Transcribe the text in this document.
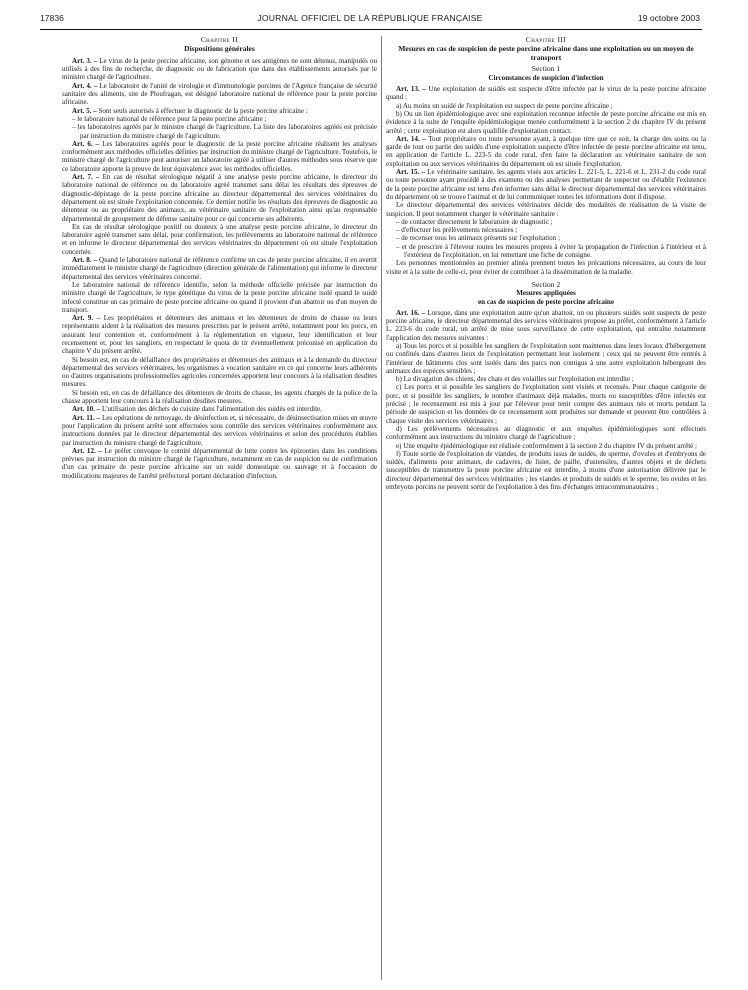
17836	JOURNAL OFFICIEL DE LA RÉPUBLIQUE FRANÇAISE	19 octobre 2003

Chapitre II

Dispositions générales

Art. 3. – Le virus de la peste porcine africaine, son génome et ses antigènes ne sont détenus, manipulés ou utilisés à des fins de recherche, de diagnostic ou de fabrication que dans des établissements autorisés par le ministre chargé de l'agriculture.

Art. 4. – Le laboratoire de l'unité de virologie et d'immunologie porcines de l'Agence française de sécurité sanitaire des aliments, site de Ploufragan, est désigné laboratoire national de référence pour la peste porcine africaine.

Art. 5. – Sont seuls autorisés à effectuer le diagnostic de la peste porcine africaine :

– le laboratoire national de référence pour la peste porcine africaine ;

– les laboratoires agréés par le ministre chargé de l'agriculture. La liste des laboratoires agréés est précisée par instruction du ministre chargé de l'agriculture.

Art. 6. – Les laboratoires agréés pour le diagnostic de la peste porcine africaine réalisent les analyses conformément aux méthodes officielles définies par instruction du ministre chargé de l'agriculture. Toutefois, le ministre chargé de l'agriculture peut autoriser un laboratoire agréé à utiliser d'autres méthodes sous réserve que ce laboratoire apporte la preuve de leur équivalence avec les méthodes officielles.

Art. 7. – En cas de résultat sérologique négatif à une analyse peste porcine africaine, le directeur du laboratoire national de référence ou du laboratoire agréé transmet sans délai les résultats des épreuves de diagnostic-dépistage de la peste porcine africaine au directeur départemental des services vétérinaires du département où est située l'exploitation concernée. Ce dernier notifie les résultats des épreuves de diagnostic au détenteur ou au propriétaire des animaux, au vétérinaire sanitaire de l'exploitation ainsi qu'au responsable départemental de groupement de défense sanitaire pour ce qui concerne ses adhérents.

En cas de résultat sérologique positif ou douteux à une analyse peste porcine africaine, le directeur du laboratoire agréé transmet sans délai, pour confirmation, les prélèvements au laboratoire national de référence et en informe le directeur départemental des services vétérinaires du département où est située l'exploitation concernée.

Art. 8. – Quand le laboratoire national de référence confirme un cas de peste porcine africaine, il en avertit immédiatement le ministre chargé de l'agriculture (direction générale de l'alimentation) qui informe le directeur départemental des services vétérinaires concerné.

Le laboratoire national de référence identifie, selon la méthode officielle précisée par instruction du ministre chargé de l'agriculture, le type génétique du virus de la peste porcine africaine isolé quand le suidé infecté constitue un cas primaire de peste porcine africaine ou quand il provient d'un abattoir ou d'un moyen de transport.

Art. 9. – Les propriétaires et détenteurs des animaux et les détenteurs de droits de chasse ou leurs représentants aident à la réalisation des mesures prescrites par le présent arrêté, notamment pour les porcs, en assurant leur contention et, conformément à la réglementation en vigueur, leur identification et leur recensement et, pour les sangliers, en respectant le quota de tir éventuellement préconisé en application du chapitre V du présent arrêté.

Si besoin est, en cas de défaillance des propriétaires et détenteurs des animaux et à la demande du directeur départemental des services vétérinaires, les organismes à vocation sanitaire en ce qui concerne leurs adhérents ou d'autres organisations professionnelles agricoles concernées apportent leur concours à la réalisation desdites mesures.

Si besoin est, en cas de défaillance des détenteurs de droits de chasse, les agents chargés de la police de la chasse apportent leur concours à la réalisation desdites mesures.

Art. 10. – L'utilisation des déchets de cuisine dans l'alimentation des suidés est interdite.

Art. 11. – Les opérations de nettoyage, de désinfection et, si nécessaire, de désinsectisation mises en œuvre pour l'application du présent arrêté sont effectuées sous contrôle des services vétérinaires conformément aux instructions données par le directeur départemental des services vétérinaires et selon des procédures établies par instruction du ministre chargé de l'agriculture.

Art. 12. – Le préfet convoque le comité départemental de lutte contre les épizooties dans les conditions prévues par instruction du ministre chargé de l'agriculture, notamment en cas de suspicion ou de confirmation d'un cas primaire de peste porcine africaine sur un suidé domestique ou sauvage et à l'occasion de modifications majeures de l'arrêté préfectoral portant déclaration d'infection.

Chapitre III

Mesures en cas de suspicion de peste porcine africaine dans une exploitation ou un moyen de transport

Section 1

Circonstances de suspicion d'infection

Art. 13. – Une exploitation de suidés est suspecte d'être infectée par le virus de la peste porcine africaine quand :

a) Au moins un suidé de l'exploitation est suspect de peste porcine africaine ;

b) Ou un lien épidémiologique avec une exploitation reconnue infectée de peste porcine africaine est mis en évidence à la suite de l'enquête épidémiologique menée conformément à la section 2 du chapitre IV du présent arrêté ; cette exploitation est alors qualifiée d'exploitation contact.

Art. 14. – Tout propriétaire ou toute personne ayant, à quelque titre que ce soit, la charge des soins ou la garde de tout ou partie des suidés d'une exploitation suspecte d'être infectée de peste porcine africaine est tenu, en application de l'article L. 223-5 du code rural, d'en faire la déclaration au vétérinaire sanitaire de son exploitation ou aux services vétérinaires du département où est située l'exploitation.

Art. 15. – Le vétérinaire sanitaire, les agents visés aux articles L. 221-5, L. 221-6 et L. 231-2 du code rural ou toute personne ayant procédé à des examens ou des analyses permettant de suspecter ou d'établir l'existence de la peste porcine africaine est tenu d'en informer sans délai le directeur départemental des services vétérinaires du département où se trouve l'animal et de lui communiquer toutes les informations dont il dispose.

Le directeur départemental des services vétérinaires décide des modalités de réalisation de la visite de suspicion. Il peut notamment charger le vétérinaire sanitaire :

– de contacter directement le laboratoire de diagnostic ;

– d'effectuer les prélèvements nécessaires ;

– de recenser tous les animaux présents sur l'exploitation ;

– et de prescrire à l'éleveur toutes les mesures propres à éviter la propagation de l'infection à l'intérieur et à l'extérieur de l'exploitation, en lui remettant une fiche de consigne.

Les personnes mentionnées au premier alinéa prennent toutes les précautions nécessaires, au cours de leur visite et à la suite de celle-ci, pour éviter de contribuer à la dissémination de la maladie.

Section 2

Mesures appliquées

en cas de suspicion de peste porcine africaine

Art. 16. – Lorsque, dans une exploitation autre qu'un abattoir, un ou plusieurs suidés sont suspects de peste porcine africaine, le directeur départemental des services vétérinaires propose au préfet, conformément à l'article L. 223-6 du code rural, un arrêté de mise sous surveillance de cette exploitation, qui entraîne notamment l'application des mesures suivantes :

a) Tous les porcs et si possible les sangliers de l'exploitation sont maintenus dans leurs locaux d'hébergement ou confinés dans d'autres lieux de l'exploitation permettant leur isolement ; ceux qui ne peuvent être rentrés à l'intérieur de bâtiments clos sont isolés dans des parcs non contigus à une autre exploitation hébergeant des animaux des espèces sensibles ;

b) La divagation des chiens, des chats et des volailles sur l'exploitation est interdite ;

c) Les porcs et si possible les sangliers de l'exploitation sont visités et recensés. Pour chaque catégorie de porc, et si possible les sangliers, le nombre d'animaux déjà malades, morts ou susceptibles d'être infectés est précisé ; le recensement est mis à jour par l'éleveur pour tenir compte des animaux nés et morts pendant la période de suspicion et les données de ce recensement sont produites sur demande et peuvent être contrôlées à chaque visite des services vétérinaires ;

d) Les prélèvements nécessaires au diagnostic et aux enquêtes épidémiologiques sont effectués conformément aux instructions du ministre chargé de l'agriculture ;

e) Une enquête épidémiologique est réalisée conformément à la section 2 du chapitre IV du présent arrêté ;

f) Toute sortie de l'exploitation de viandes, de produits issus de suidés, de sperme, d'ovules et d'embryons de suidés, d'aliments pour animaux, de cadavres, de lisier, de paille, d'ustensiles, d'autres objets et de déchets susceptibles de transmettre la peste porcine africaine est interdite, à moins d'une autorisation délivrée par le directeur départemental des services vétérinaires ; les viandes et produits de suidés et le sperme, les ovules et les embryons porcins ne peuvent sortir de l'exploitation à des fins d'échanges intracommunautaires ;
